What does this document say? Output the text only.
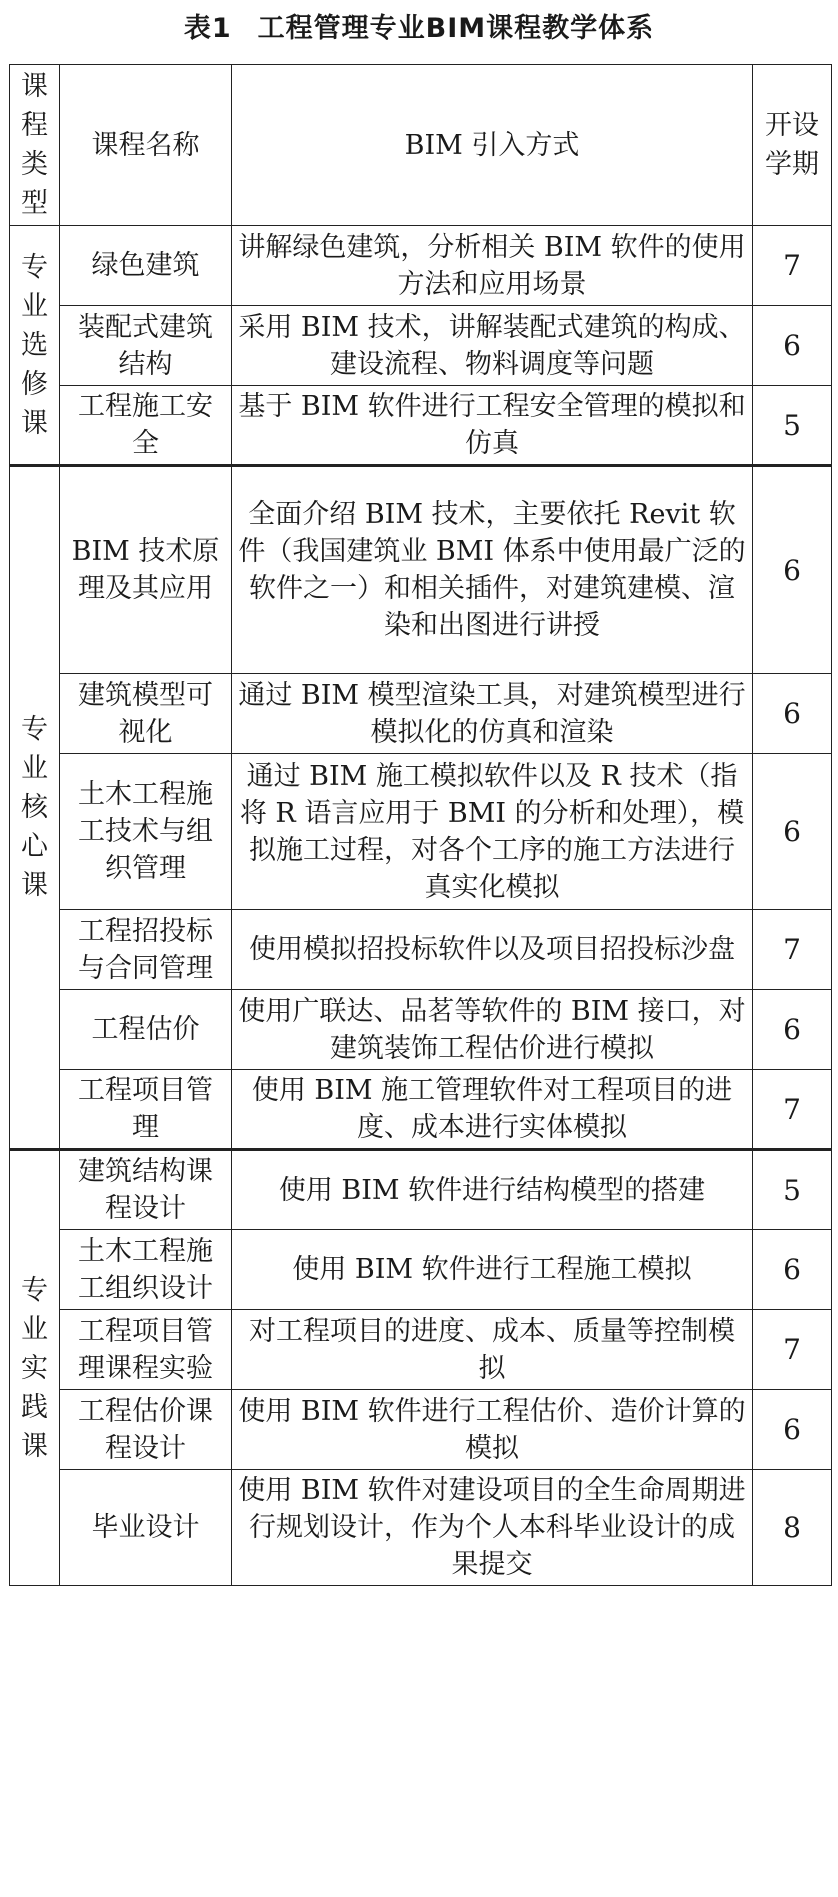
表1 工程管理专业BIM课程教学体系
课程类型	课程名称	BIM 引入方式	开设学期
专业选修课	绿色建筑	讲解绿色建筑，分析相关 BIM 软件的使用方法和应用场景	7
	装配式建筑结构	采用 BIM 技术，讲解装配式建筑的构成、建设流程、物料调度等问题	6
	工程施工安全	基于 BIM 软件进行工程安全管理的模拟和仿真	5
专业核心课	BIM 技术原理及其应用	全面介绍 BIM 技术，主要依托 Revit 软件（我国建筑业 BMI 体系中使用最广泛的软件之一）和相关插件，对建筑建模、渲染和出图进行讲授	6
	建筑模型可视化	通过 BIM 模型渲染工具，对建筑模型进行模拟化的仿真和渲染	6
	土木工程施工技术与组织管理	通过 BIM 施工模拟软件以及 R 技术（指将 R 语言应用于 BMI 的分析和处理），模拟施工过程，对各个工序的施工方法进行真实化模拟	6
	工程招投标与合同管理	使用模拟招投标软件以及项目招投标沙盘	7
	工程估价	使用广联达、品茗等软件的 BIM 接口，对建筑装饰工程估价进行模拟	6
	工程项目管理	使用 BIM 施工管理软件对工程项目的进度、成本进行实体模拟	7
专业实践课	建筑结构课程设计	使用 BIM 软件进行结构模型的搭建	5
	土木工程施工组织设计	使用 BIM 软件进行工程施工模拟	6
	工程项目管理课程实验	对工程项目的进度、成本、质量等控制模拟	7
	工程估价课程设计	使用 BIM 软件进行工程估价、造价计算的模拟	6
	毕业设计	使用 BIM 软件对建设项目的全生命周期进行规划设计，作为个人本科毕业设计的成果提交	8
